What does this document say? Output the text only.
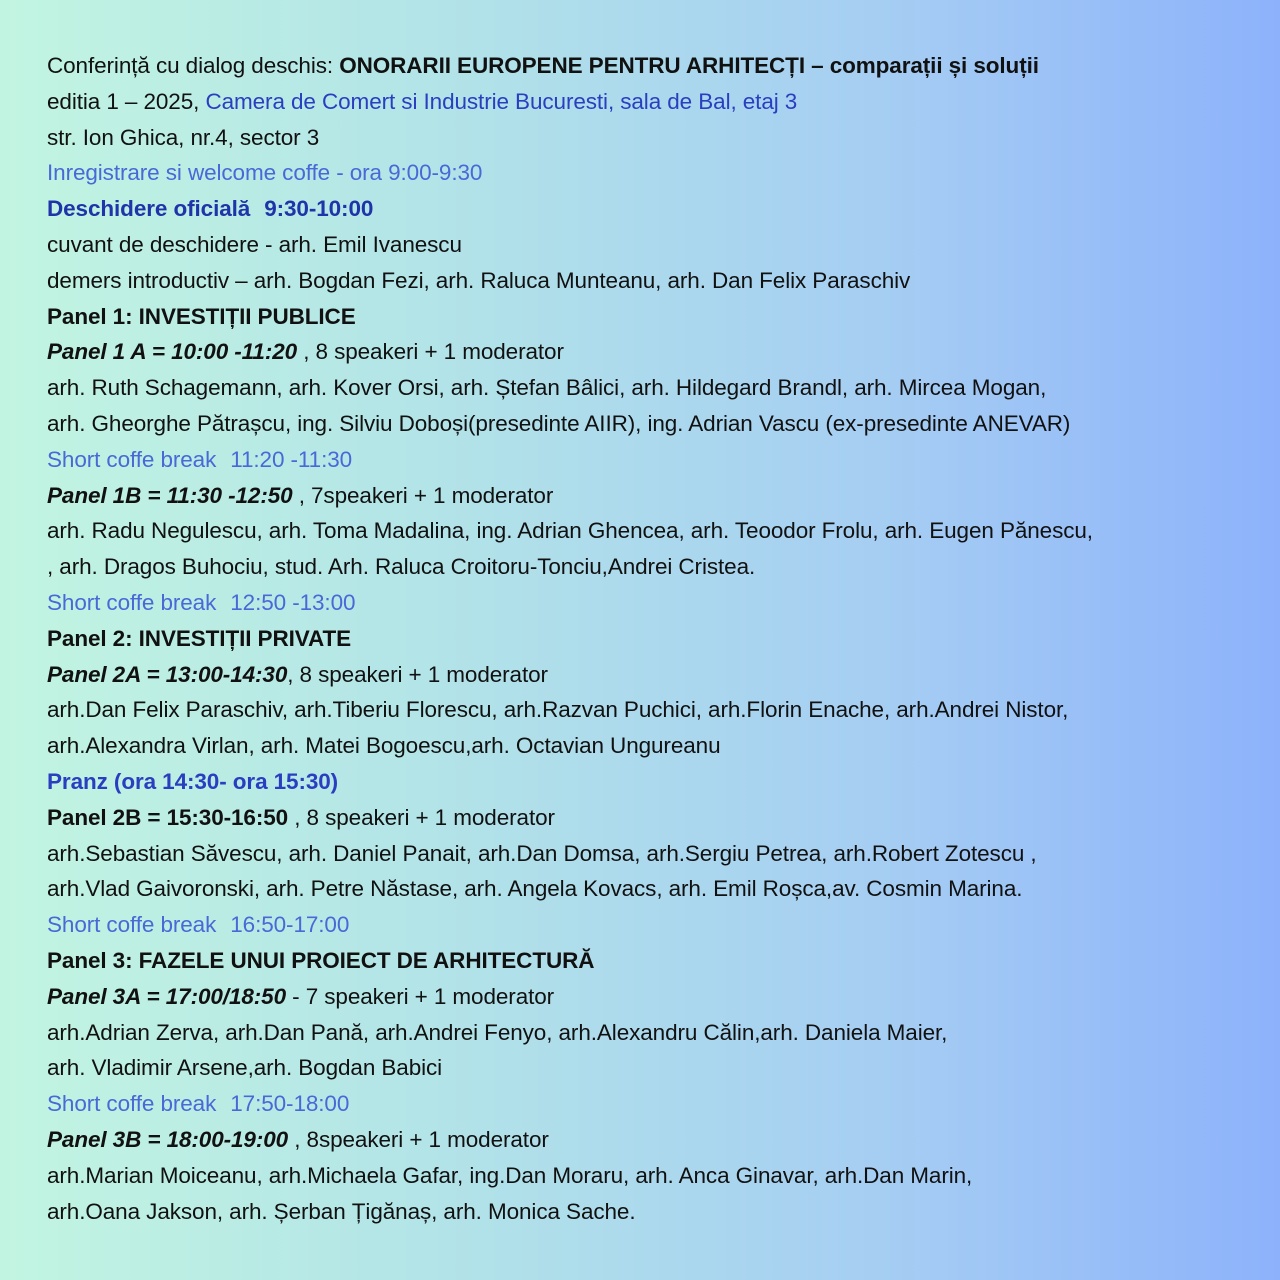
Conferință cu dialog deschis: ONORARII EUROPENE PENTRU ARHITECȚI – comparații și soluții
editia 1 – 2025, Camera de Comert si Industrie Bucuresti, sala de Bal, etaj 3
str. Ion Ghica, nr.4, sector 3
Inregistrare si welcome coffe - ora 9:00-9:30
Deschidere oficială 9:30-10:00
cuvant de deschidere - arh. Emil Ivanescu
demers introductiv – arh. Bogdan Fezi, arh. Raluca Munteanu, arh. Dan Felix Paraschiv
Panel 1: INVESTIȚII PUBLICE
Panel 1 A = 10:00 -11:20 , 8 speakeri + 1 moderator
arh. Ruth Schagemann, arh. Kover Orsi, arh. Ștefan Bâlici, arh. Hildegard Brandl, arh. Mircea Mogan,
arh. Gheorghe Pătrașcu, ing. Silviu Doboși(presedinte AIIR), ing. Adrian Vascu (ex-presedinte ANEVAR)
Short coffe break 11:20 -11:30
Panel 1B = 11:30 -12:50 , 7speakeri + 1 moderator
arh. Radu Negulescu, arh. Toma Madalina, ing. Adrian Ghencea, arh. Teoodor Frolu, arh. Eugen Pănescu,
, arh. Dragos Buhociu, stud. Arh. Raluca Croitoru-Tonciu,Andrei Cristea.
Short coffe break 12:50 -13:00
Panel 2: INVESTIȚII PRIVATE
Panel 2A = 13:00-14:30, 8 speakeri + 1 moderator
arh.Dan Felix Paraschiv, arh.Tiberiu Florescu, arh.Razvan Puchici, arh.Florin Enache, arh.Andrei Nistor,
arh.Alexandra Virlan, arh. Matei Bogoescu,arh. Octavian Ungureanu
Pranz (ora 14:30- ora 15:30)
Panel 2B = 15:30-16:50 , 8 speakeri + 1 moderator
arh.Sebastian Săvescu, arh. Daniel Panait, arh.Dan Domsa, arh.Sergiu Petrea, arh.Robert Zotescu ,
arh.Vlad Gaivoronski, arh. Petre Năstase, arh. Angela Kovacs, arh. Emil Roșca,av. Cosmin Marina.
Short coffe break 16:50-17:00
Panel 3: FAZELE UNUI PROIECT DE ARHITECTURĂ
Panel 3A = 17:00/18:50 - 7 speakeri + 1 moderator
arh.Adrian Zerva, arh.Dan Pană, arh.Andrei Fenyo, arh.Alexandru Călin,arh. Daniela Maier,
arh. Vladimir Arsene,arh. Bogdan Babici
Short coffe break 17:50-18:00
Panel 3B = 18:00-19:00 , 8speakeri + 1 moderator
arh.Marian Moiceanu, arh.Michaela Gafar, ing.Dan Moraru, arh. Anca Ginavar, arh.Dan Marin,
arh.Oana Jakson, arh. Șerban Țigănaș, arh. Monica Sache.
